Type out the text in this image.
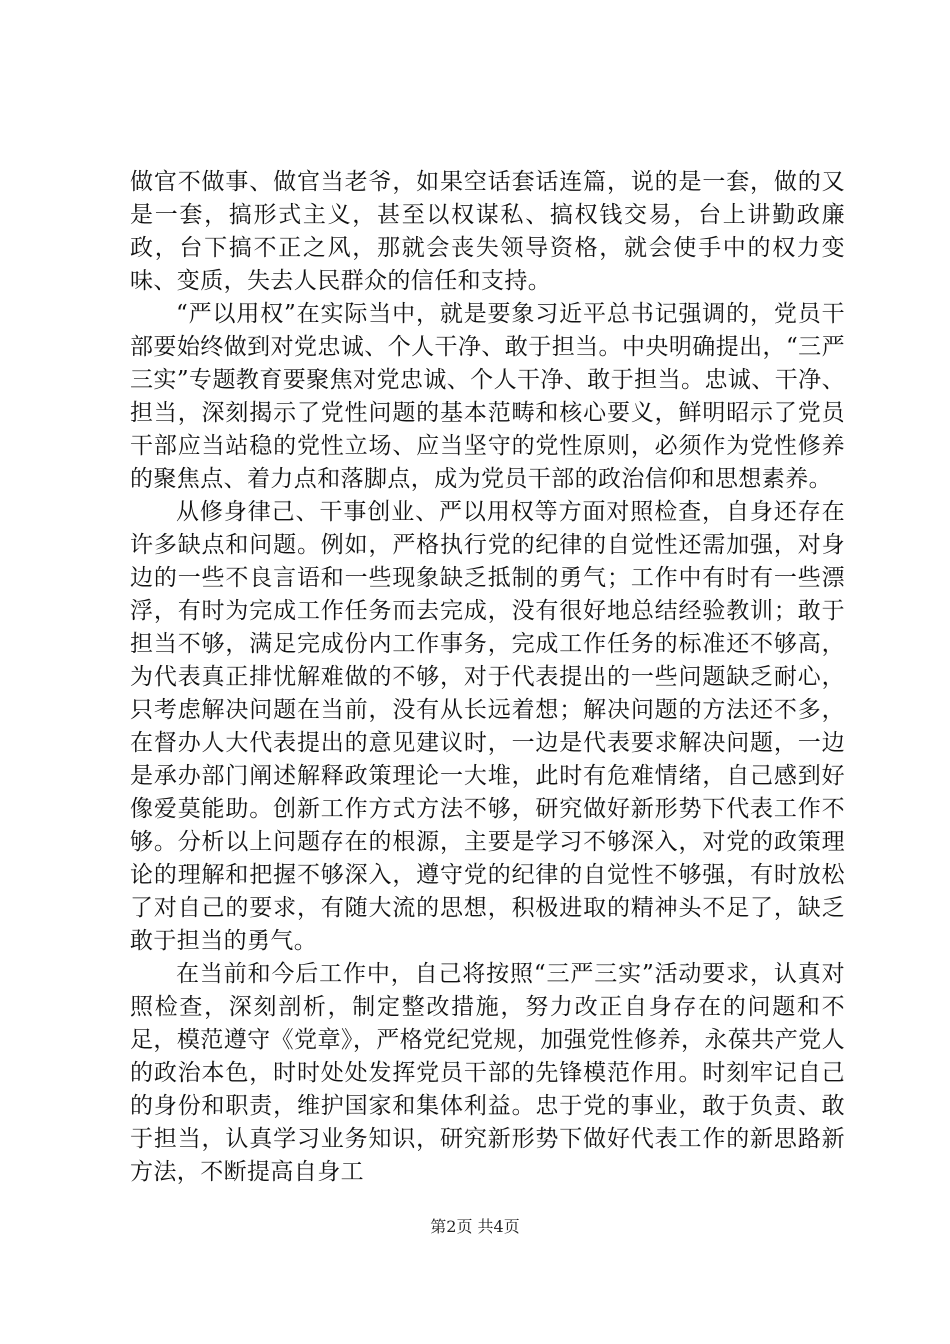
做官不做事、做官当老爷，如果空话套话连篇，说的是一套，做的又是一套，搞形式主义，甚至以权谋私、搞权钱交易，台上讲勤政廉政，台下搞不正之风，那就会丧失领导资格，就会使手中的权力变味、变质，失去人民群众的信任和支持。

“严以用权”在实际当中，就是要象习近平总书记强调的，党员干部要始终做到对党忠诚、个人干净、敢于担当。中央明确提出，“三严三实”专题教育要聚焦对党忠诚、个人干净、敢于担当。忠诚、干净、担当，深刻揭示了党性问题的基本范畴和核心要义，鲜明昭示了党员干部应当站稳的党性立场、应当坚守的党性原则，必须作为党性修养的聚焦点、着力点和落脚点，成为党员干部的政治信仰和思想素养。

从修身律己、干事创业、严以用权等方面对照检查，自身还存在许多缺点和问题。例如，严格执行党的纪律的自觉性还需加强，对身边的一些不良言语和一些现象缺乏抵制的勇气；工作中有时有一些漂浮，有时为完成工作任务而去完成，没有很好地总结经验教训；敢于担当不够，满足完成份内工作事务，完成工作任务的标准还不够高，为代表真正排忧解难做的不够，对于代表提出的一些问题缺乏耐心，只考虑解决问题在当前，没有从长远着想；解决问题的方法还不多，在督办人大代表提出的意见建议时，一边是代表要求解决问题，一边是承办部门阐述解释政策理论一大堆，此时有危难情绪，自己感到好像爱莫能助。创新工作方式方法不够，研究做好新形势下代表工作不够。分析以上问题存在的根源，主要是学习不够深入，对党的政策理论的理解和把握不够深入，遵守党的纪律的自觉性不够强，有时放松了对自己的要求，有随大流的思想，积极进取的精神头不足了，缺乏敢于担当的勇气。

在当前和今后工作中，自己将按照“三严三实”活动要求，认真对照检查，深刻剖析，制定整改措施，努力改正自身存在的问题和不足，模范遵守《党章》，严格党纪党规，加强党性修养，永葆共产党人的政治本色，时时处处发挥党员干部的先锋模范作用。时刻牢记自己的身份和职责，维护国家和集体利益。忠于党的事业，敢于负责、敢于担当，认真学习业务知识，研究新形势下做好代表工作的新思路新方法，不断提高自身工

第2页 共4页
